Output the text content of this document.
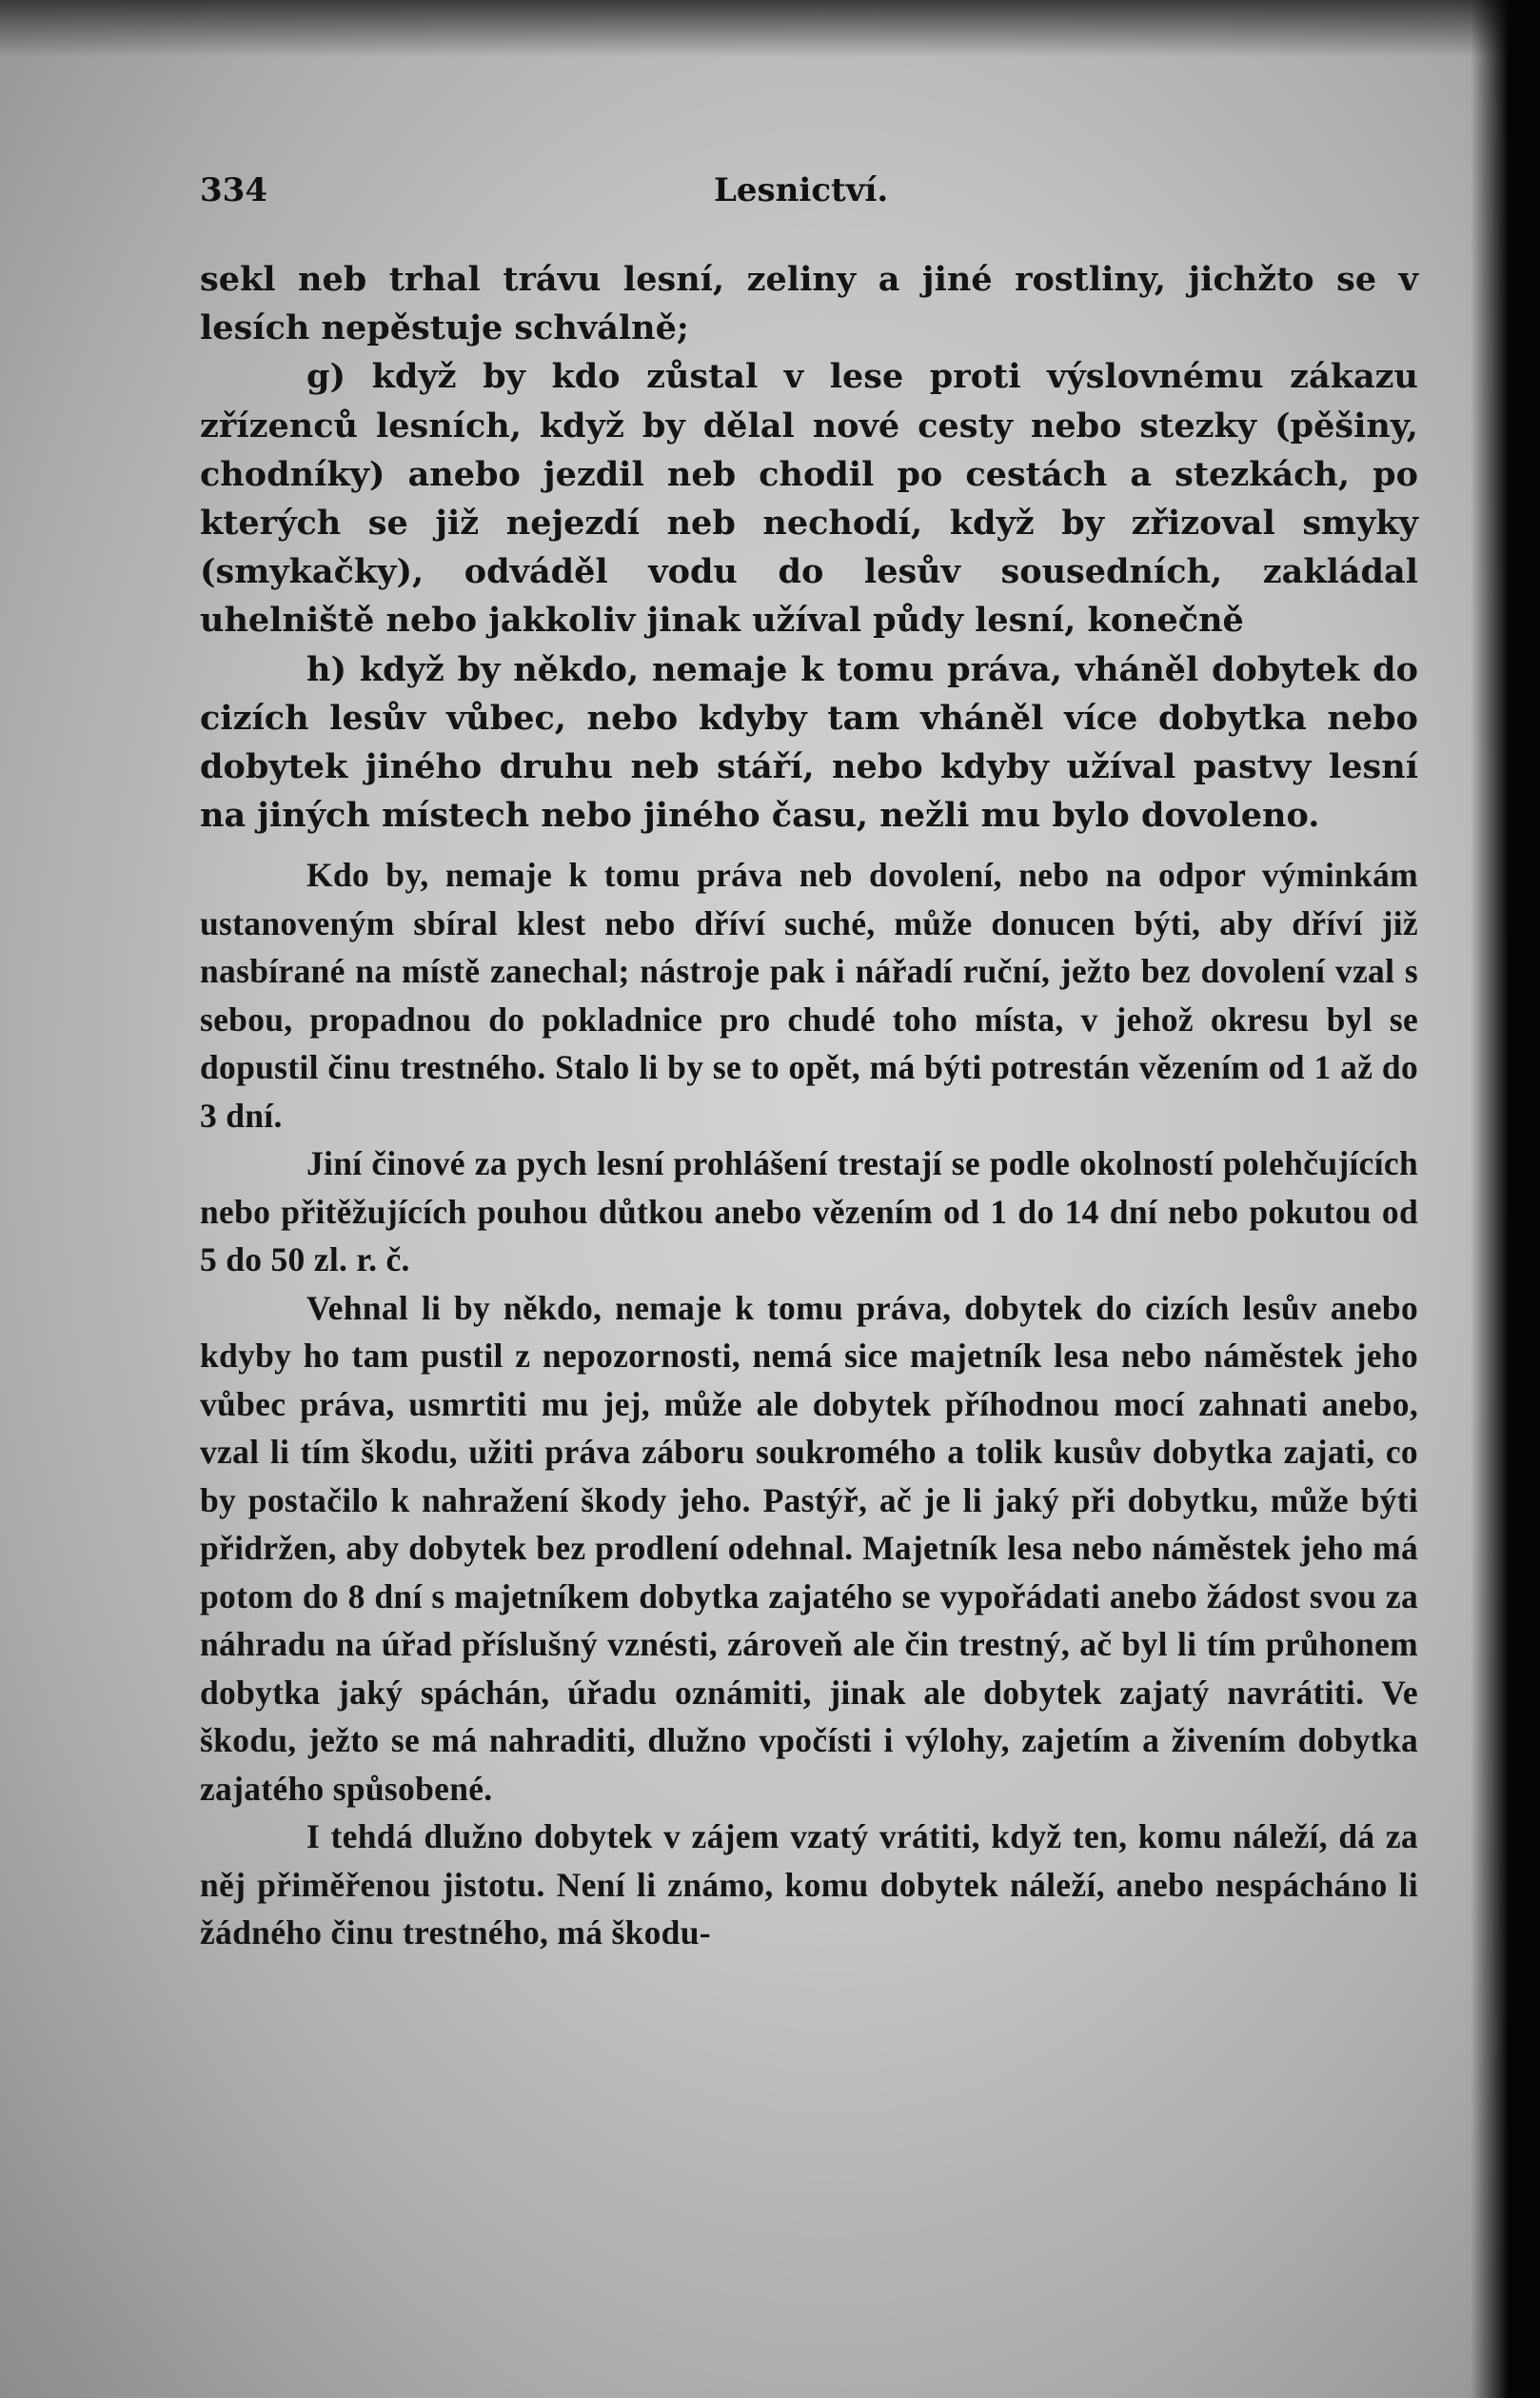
334	Lesnictví.

sekl neb trhal trávu lesní, zeliny a jiné rostliny, jichžto se v lesích nepěstuje schválně;

g) když by kdo zůstal v lese proti výslovnému zákazu zřízenců lesních, když by dělal nové cesty nebo stezky (pěšiny, chodníky) anebo jezdil neb chodil po cestách a stezkách, po kterých se již nejezdí neb nechodí, když by zřizoval smyky (smykačky), odváděl vodu do lesův sousedních, zakládal uhelniště nebo jakkoliv jinak užíval půdy lesní, konečně

h) když by někdo, nemaje k tomu práva, vháněl dobytek do cizích lesův vůbec, nebo kdyby tam vháněl více dobytka nebo dobytek jiného druhu neb stáří, nebo kdyby užíval pastvy lesní na jiných místech nebo jiného času, nežli mu bylo dovoleno.

Kdo by, nemaje k tomu práva neb dovolení, nebo na odpor výminkám ustanoveným sbíral klest nebo dříví suché, může donucen býti, aby dříví již nasbírané na místě zanechal; nástroje pak i nářadí ruční, ježto bez dovolení vzal s sebou, propadnou do pokladnice pro chudé toho místa, v jehož okresu byl se dopustil činu trestného. Stalo li by se to opět, má býti potrestán vězením od 1 až do 3 dní.

Jiní činové za pych lesní prohlášení trestají se podle okolností polehčujících nebo přitěžujících pouhou důtkou anebo vězením od 1 do 14 dní nebo pokutou od 5 do 50 zl. r. č.

Vehnal li by někdo, nemaje k tomu práva, dobytek do cizích lesův anebo kdyby ho tam pustil z nepozornosti, nemá sice majetník lesa nebo náměstek jeho vůbec práva, usmrtiti mu jej, může ale dobytek příhodnou mocí zahnati anebo, vzal li tím škodu, užiti práva záboru soukromého a tolik kusův dobytka zajati, co by postačilo k nahražení škody jeho. Pastýř, ač je li jaký při dobytku, může býti přidržen, aby dobytek bez prodlení odehnal. Majetník lesa nebo náměstek jeho má potom do 8 dní s majetníkem dobytka zajatého se vypořádati anebo žádost svou za náhradu na úřad příslušný vznésti, zároveň ale čin trestný, ač byl li tím průhonem dobytka jaký spáchán, úřadu oznámiti, jinak ale dobytek zajatý navrátiti. Ve škodu, ježto se má nahraditi, dlužno vpočísti i výlohy, zajetím a živením dobytka zajatého spůsobené.

I tehdá dlužno dobytek v zájem vzatý vrátiti, když ten, komu náleží, dá za něj přiměřenou jistotu. Není li známo, komu dobytek náleží, anebo nespácháno li žádného činu trestného, má škodu-
